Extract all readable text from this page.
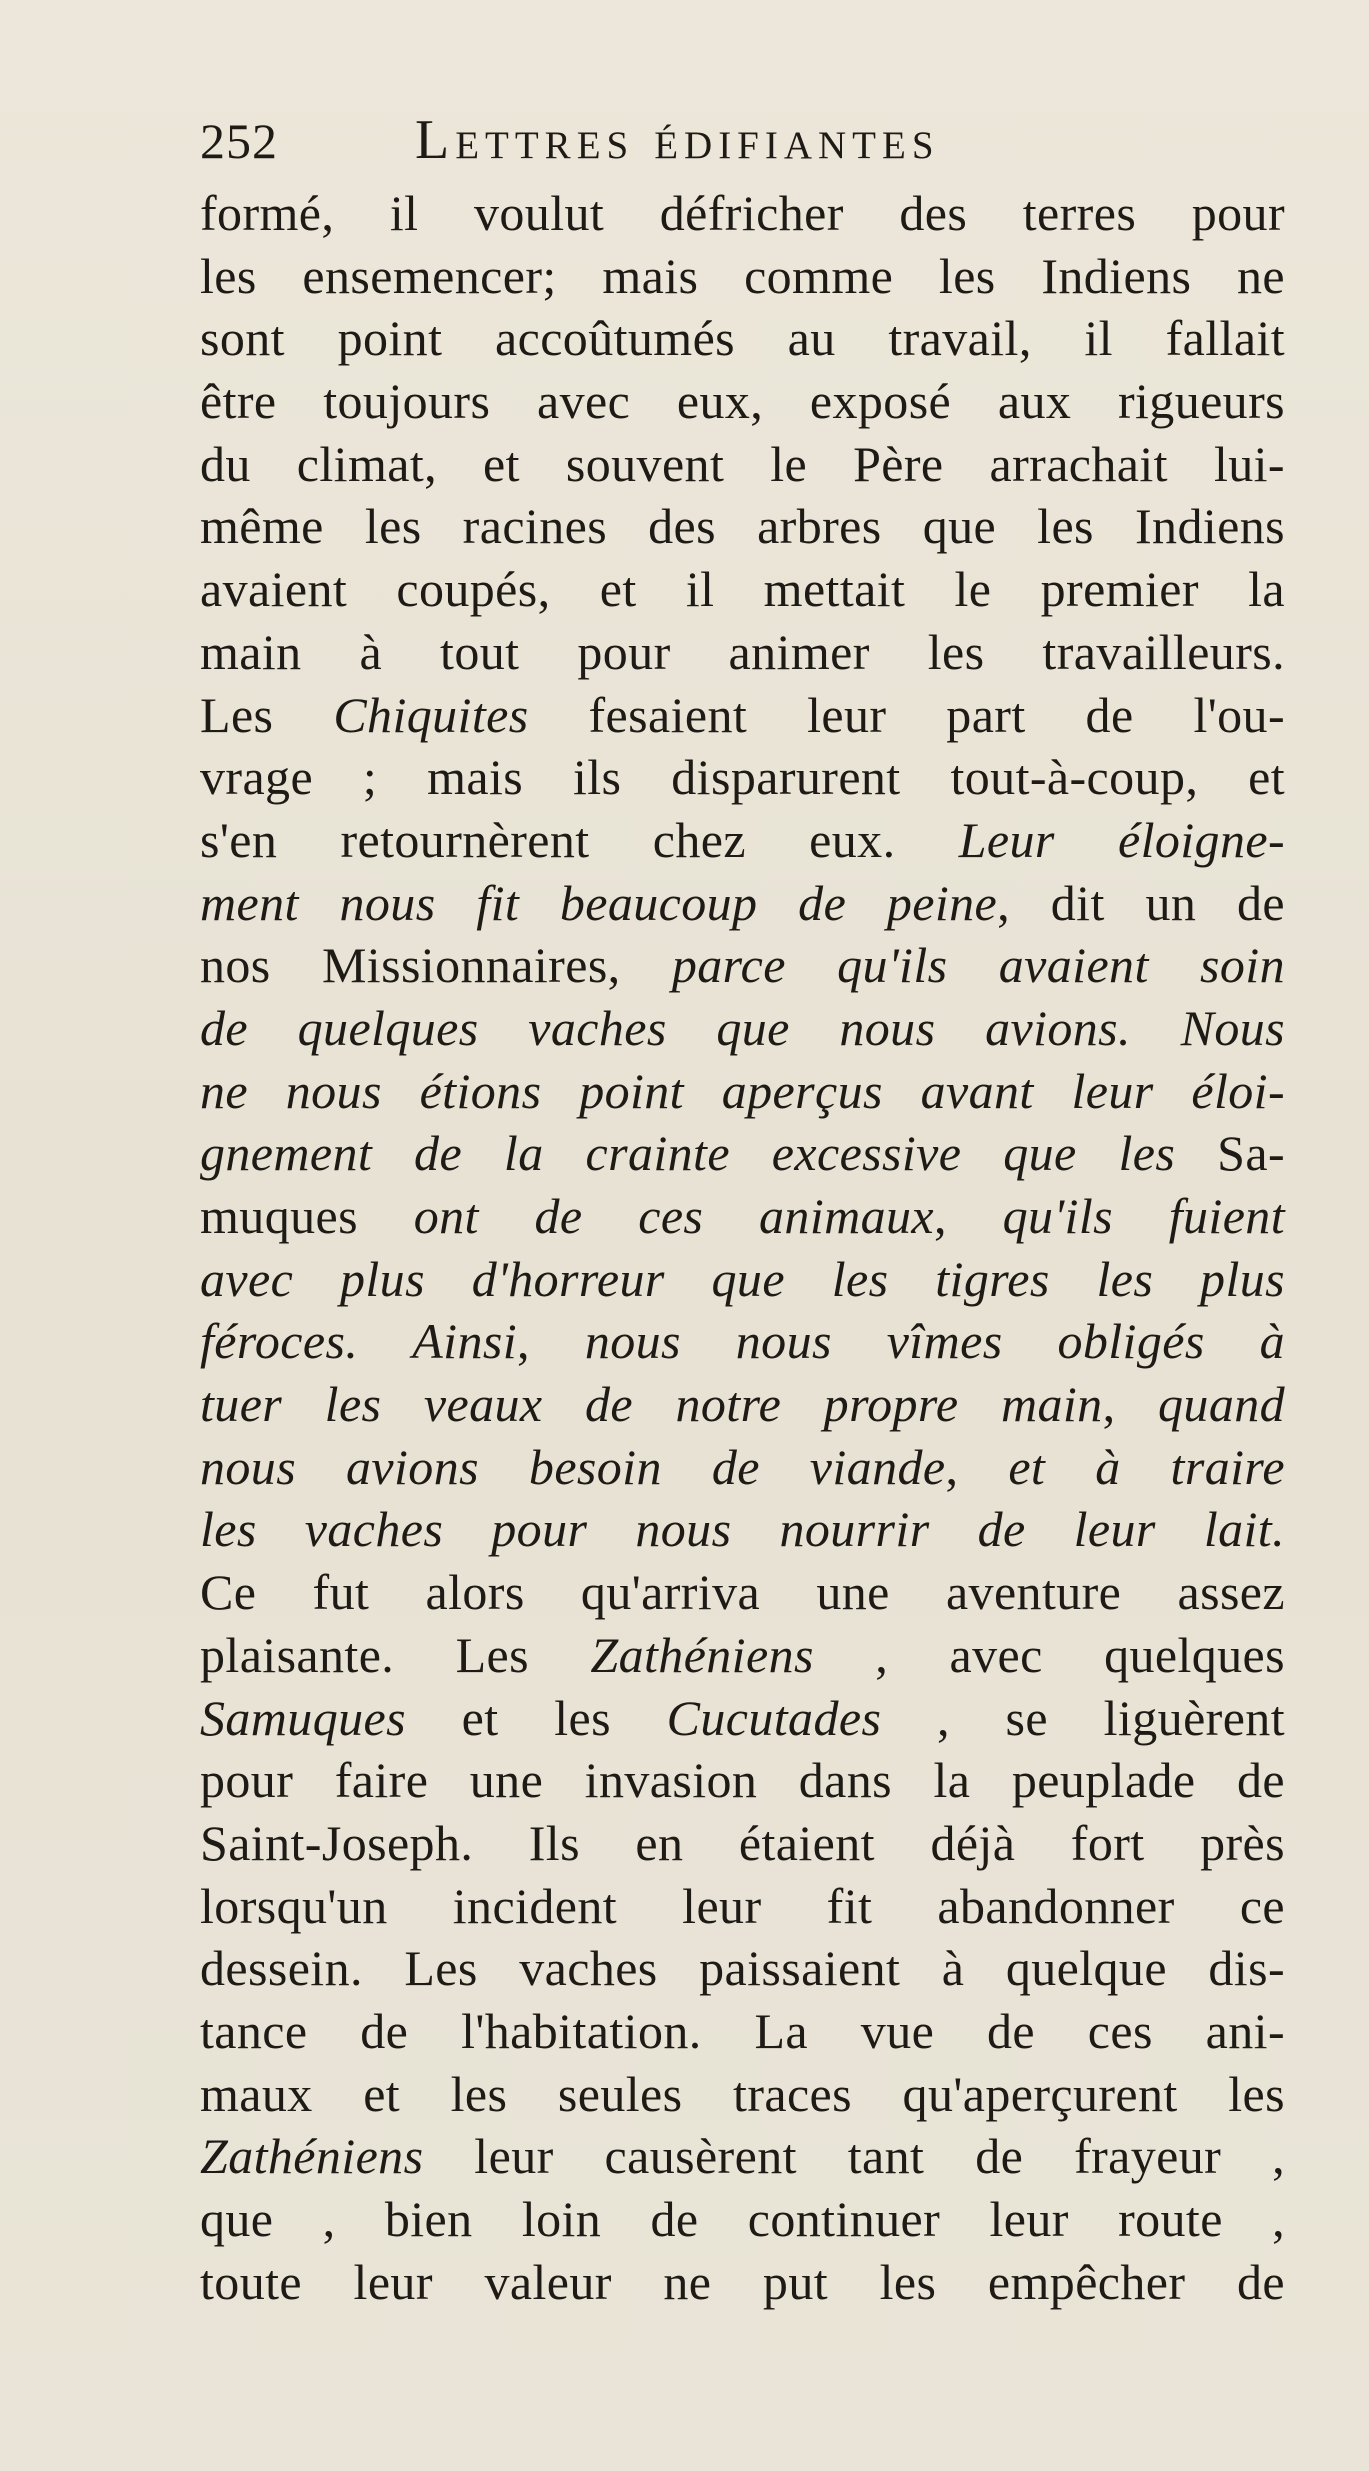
252	Lettres édifiantes
formé, il voulut défricher des terres pour
les ensemencer; mais comme les Indiens ne
sont point accoûtumés au travail, il fallait
être toujours avec eux, exposé aux rigueurs
du climat, et souvent le Père arrachait lui-
même les racines des arbres que les Indiens
avaient coupés, et il mettait le premier la
main à tout pour animer les travailleurs.
Les Chiquites fesaient leur part de l'ou-
vrage ; mais ils disparurent tout-à-coup, et
s'en retournèrent chez eux. Leur éloigne-
ment nous fit beaucoup de peine, dit un de
nos Missionnaires, parce qu'ils avaient soin
de quelques vaches que nous avions. Nous
ne nous étions point aperçus avant leur éloi-
gnement de la crainte excessive que les Sa-
muques ont de ces animaux, qu'ils fuient
avec plus d'horreur que les tigres les plus
féroces. Ainsi, nous nous vîmes obligés à
tuer les veaux de notre propre main, quand
nous avions besoin de viande, et à traire
les vaches pour nous nourrir de leur lait.
Ce fut alors qu'arriva une aventure assez
plaisante. Les Zathéniens , avec quelques
Samuques et les Cucutades , se liguèrent
pour faire une invasion dans la peuplade de
Saint-Joseph. Ils en étaient déjà fort près
lorsqu'un incident leur fit abandonner ce
dessein. Les vaches paissaient à quelque dis-
tance de l'habitation. La vue de ces ani-
maux et les seules traces qu'aperçurent les
Zathéniens leur causèrent tant de frayeur ,
que , bien loin de continuer leur route ,
toute leur valeur ne put les empêcher de
